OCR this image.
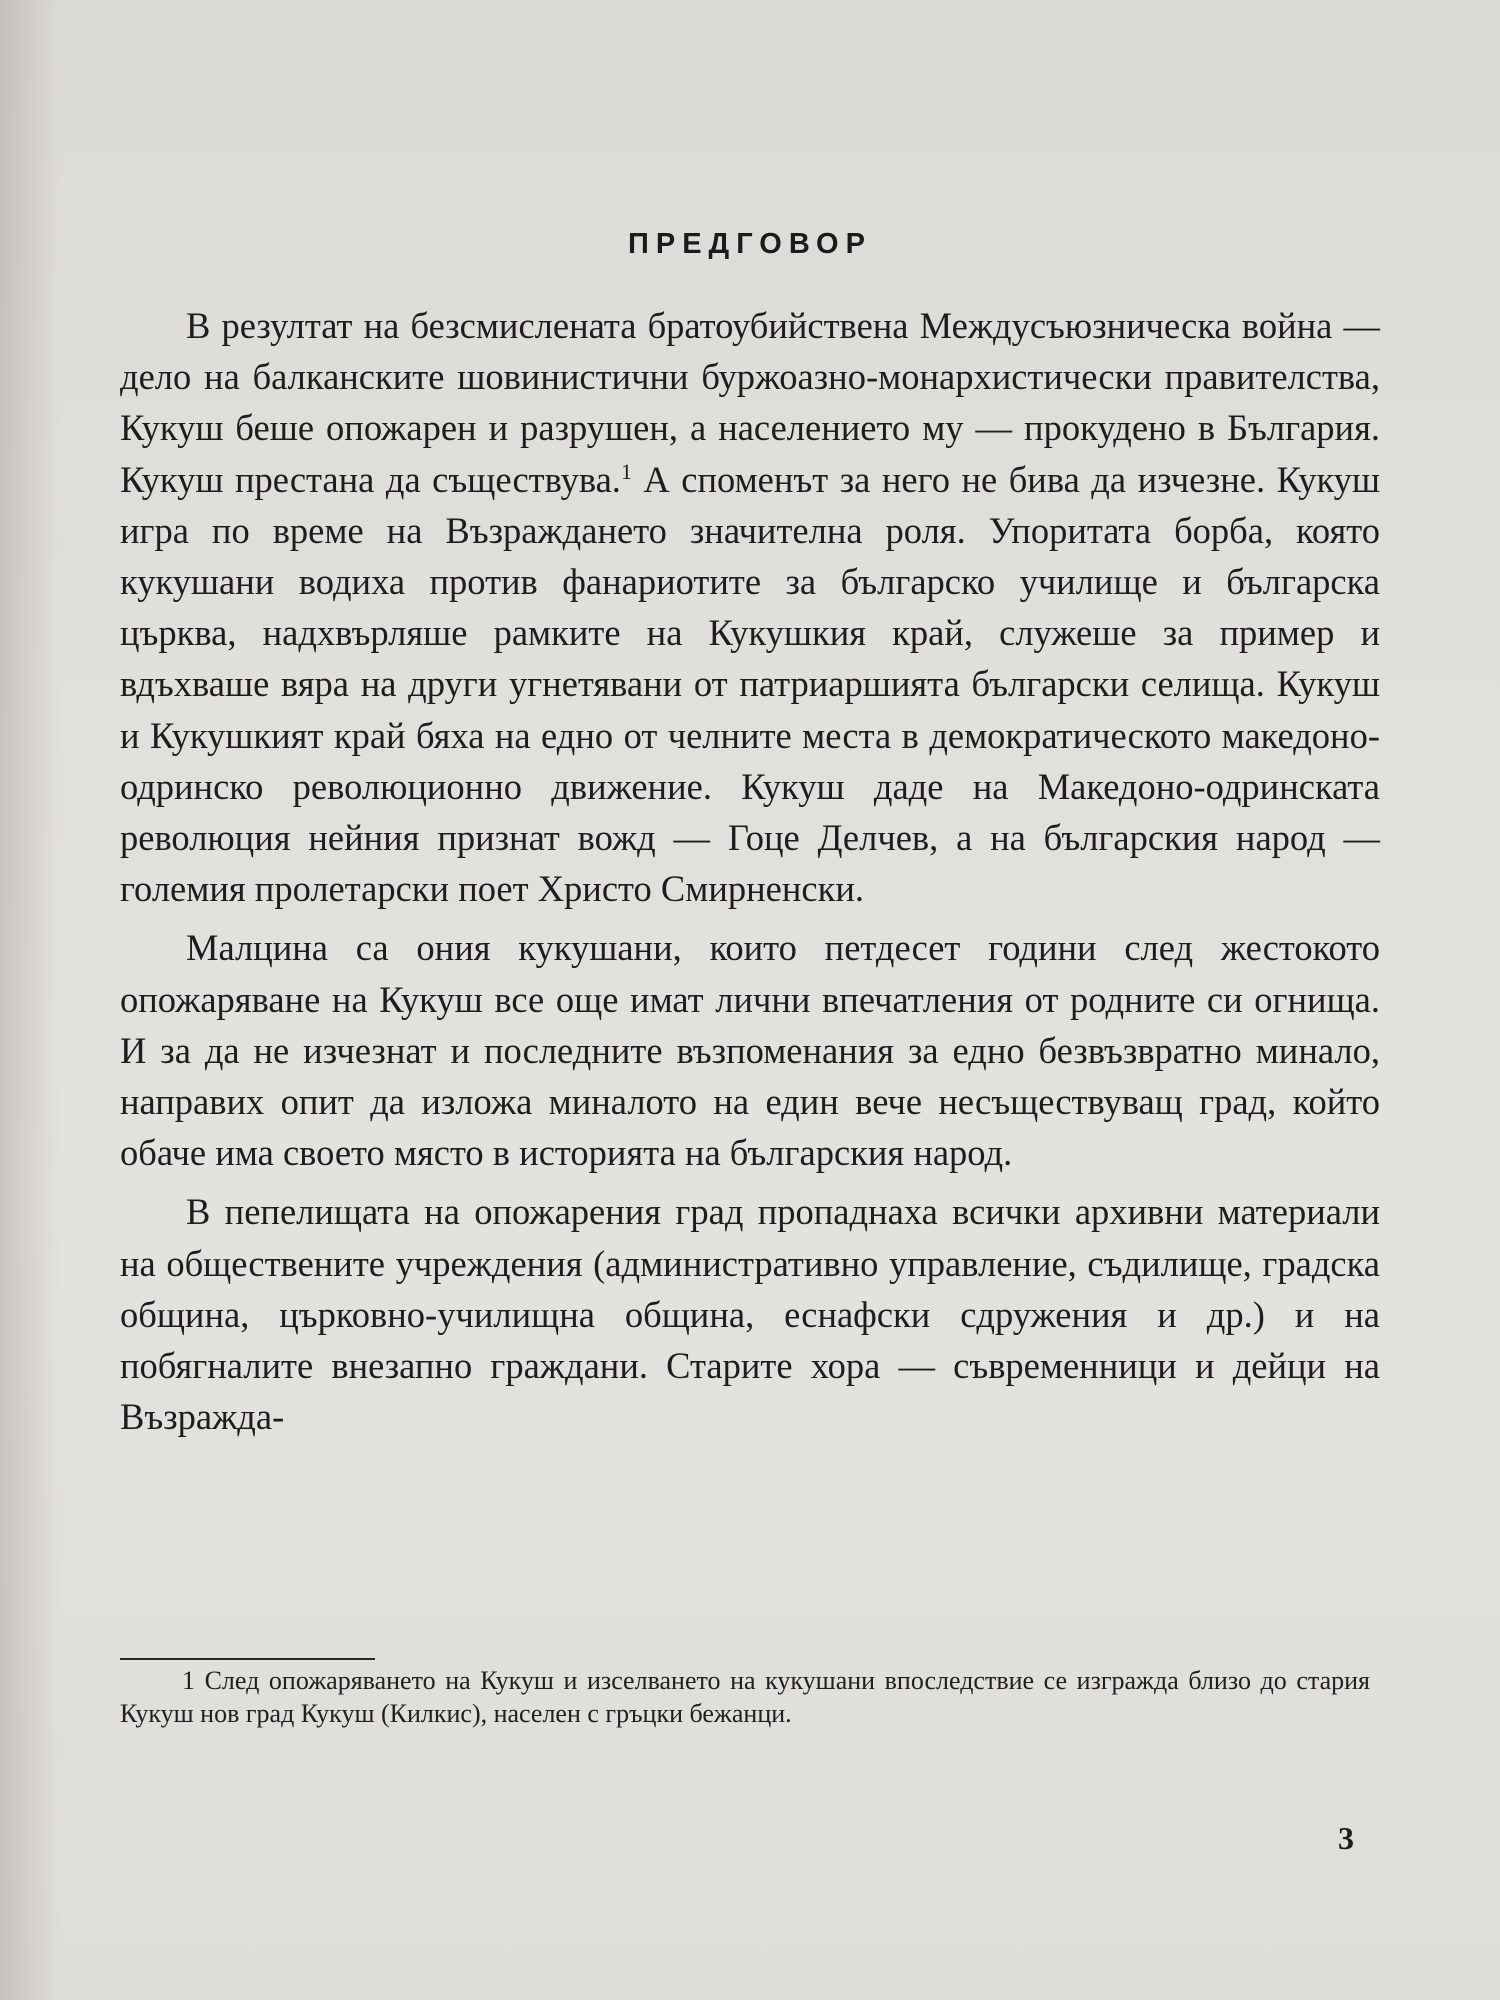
ПРЕДГОВОР

В резултат на безсмислената братоубийствена Междусъюзническа война — дело на балканските шовинистични буржоазно-монархистически правителства, Кукуш беше опожарен и разрушен, а населението му — прокудено в България. Кукуш престана да съществува.$^1$ А споменът за него не бива да изчезне. Кукуш игра по време на Възраждането значителна роля. Упоритата борба, която кукушани водиха против фанариотите за българско училище и българска църква, надхвърляше рамките на Кукушкия край, служеше за пример и вдъхваше вяра на други угнетявани от патриаршията български селища. Кукуш и Кукушкият край бяха на едно от челните места в демократическото македоно-одринско революционно движение. Кукуш даде на Македоно-одринската революция нейния признат вожд — Гоце Делчев, а на българския народ — големия пролетарски поет Христо Смирненски.

Малцина са ония кукушани, които петдесет години след жестокото опожаряване на Кукуш все още имат лични впечатления от родните си огнища. И за да не изчезнат и последните възпоменания за едно безвъзвратно минало, направих опит да изложа миналото на един вече несъществуващ град, който обаче има своето място в историята на българския народ.

В пепелищата на опожарения град пропаднаха всички архивни материали на обществените учреждения (административно управление, съдилище, градска община, църковно-училищна община, еснафски сдружения и др.) и на побягналите внезапно граждани. Старите хора — съвременници и дейци на Възражда-

1 След опожаряването на Кукуш и изселването на кукушани впоследствие се изгражда близо до стария Кукуш нов град Кукуш (Килкис), населен с гръцки бежанци.

3
